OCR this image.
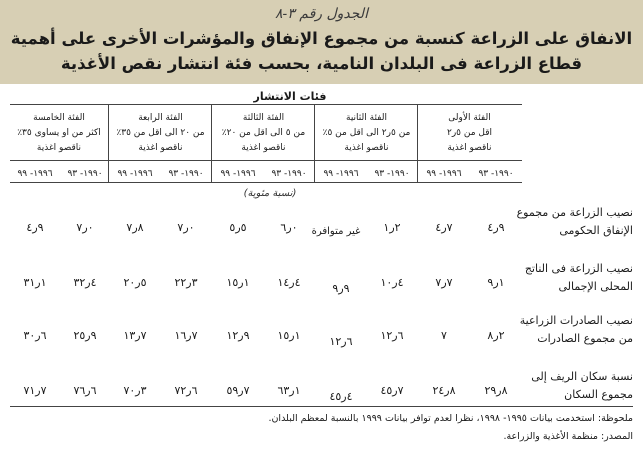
الجدول رقم ٣-٨
الانفاق على الزراعة كنسبة من مجموع الإنفاق والمؤشرات الأخرى على أهمية
قطاع الزراعة فى البلدان النامية، بحسب فئة انتشار نقص الأغذية
فئات الانتشار
الفئة الأولى
اقل من ٥ر٢
ناقصو اغذية
الفئة الثانية
من ٥ر٢ الى اقل من ٥٪
ناقصو اغذية
الفئة الثالثة
من ٥ الى اقل من ٢٠٪
ناقصو اغذية
الفئة الرابعة
من ٢٠ الى اقل من ٣٥٪
ناقصو اغذية
الفئة الخامسة
اكثر من او يساوى ٣٥٪
ناقصو اغذية
١٩٩٠- ٩٣
١٩٩٦- ٩٩
١٩٩٠- ٩٣
١٩٩٦- ٩٩
١٩٩٠- ٩٣
١٩٩٦- ٩٩
١٩٩٠- ٩٣
١٩٩٦- ٩٩
١٩٩٠- ٩٣
١٩٩٦- ٩٩
(نسبة مئوية)
نصيب الزراعة من مجموع الإنفاق الحكومى
٩ر٤
٧ر٤
٢ر١
غير متوافرة
٠ر٦
٥ر٥
٠ر٧
٨ر٧
٠ر٧
٩ر٤
نصيب الزراعة فى الناتج المحلى الإجمالى
١ر٩
٧ر٧
٤ر١٠
٩ر٩
٤ر١٤
١ر١٥
٣ر٢٢
٥ر٢٠
٤ر٣٢
١ر٣١
نصيب الصادرات الزراعية من مجموع الصادرات
٢ر٨
٧
٦ر١٢
٦ر١٢
١ر١٥
٩ر١٢
٧ر١٦
٧ر١٣
٩ر٢٥
٦ر٣٠
نسبة سكان الريف إلى مجموع السكان
٨ر٢٩
٨ر٢٤
٧ر٤٥
٤ر٤٥
١ر٦٣
٧ر٥٩
٦ر٧٢
٣ر٧٠
٦ر٧٦
٧ر٧١
ملحوظة: استخدمت بيانات ١٩٩٥- ١٩٩٨، نظرا لعدم توافر بيانات ١٩٩٩ بالنسبة لمعظم البلدان.
المصدر: منظمة الأغذية والزراعة.
